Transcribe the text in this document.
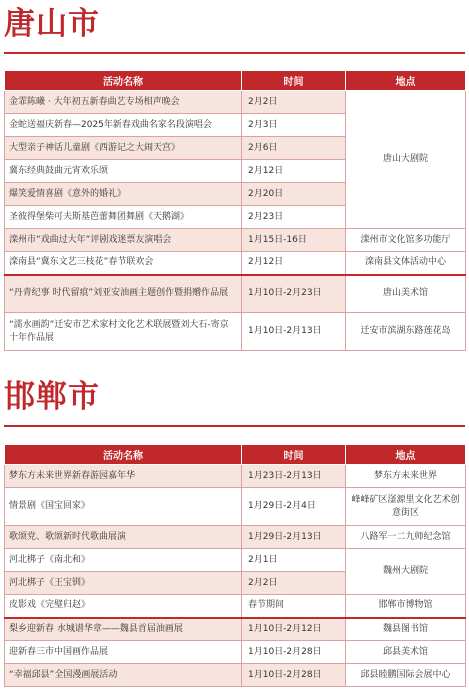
唐山市
活动名称	时间	地点
金霏陈曦 · 大年初五新春曲艺专场相声晚会	2月2日	唐山大剧院
金蛇送福庆新春—2025年新春戏曲名家名段演唱会	2月3日	
大型亲子神话儿童剧《西游记之大闹天宫》	2月6日	
冀东经典鼓曲元宵欢乐颂	2月12日	
爆笑爱情喜剧《意外的婚礼》	2月20日	
圣彼得堡柴可夫斯基芭蕾舞团舞剧《天鹅湖》	2月23日	
滦州市“戏曲过大年”评剧戏迷票友演唱会	1月15日-16日	滦州市文化馆多功能厅
滦南县“冀东文艺三枝花”春节联欢会	2月12日	滦南县文体活动中心
“丹青纪事 时代留痕”刘亚安油画主题创作暨捐赠作品展	1月10日-2月23日	唐山美术馆
“濡水画韵”迁安市艺术家村文化艺术联展暨刘大石-寄京十年作品展	1月10日-2月13日	迁安市滨湖东路莲花岛
邯郸市
活动名称	时间	地点
梦东方未来世界新春游园嘉年华	1月23日-2月13日	梦东方未来世界
情景剧《国宝回家》	1月29日-2月4日	峰峰矿区滏源里文化艺术创意街区
歌颂党、歌颂新时代歌曲展演	1月29日-2月13日	八路军一二九师纪念馆
河北梆子《南北和》	2月1日	魏州大剧院
河北梆子《王宝钏》	2月2日	
皮影戏《完璧归赵》	春节期间	邯郸市博物馆
梨乡迎新春 水城谱华章——魏县首届油画展	1月10日-2月12日	魏县图书馆
迎新春三市中国画作品展	1月10日-2月28日	邱县美术馆
“幸福邱县”全国漫画展活动	1月10日-2月28日	邱县睦鹏国际会展中心
